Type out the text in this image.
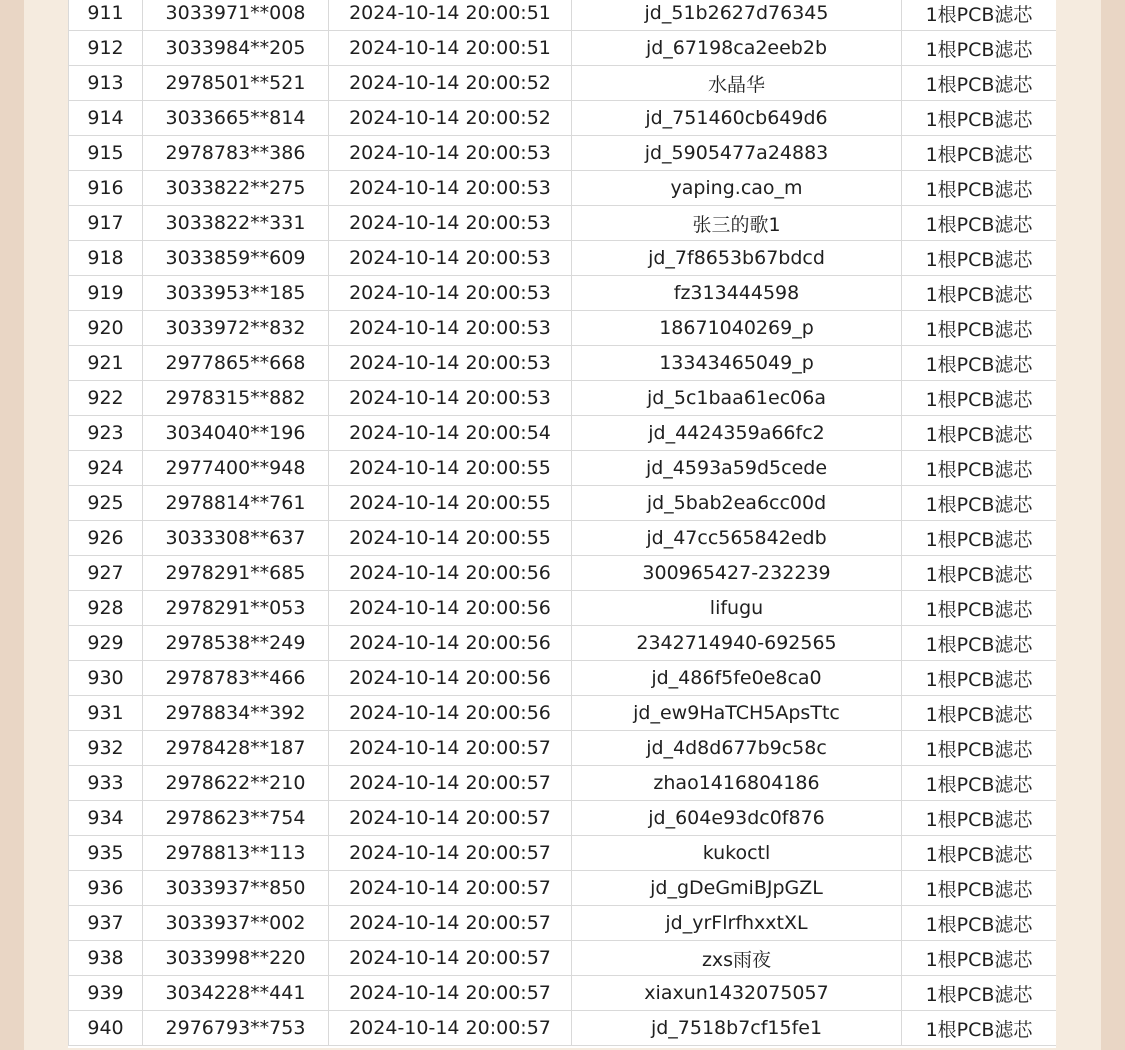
911	3033971**008	2024-10-14 20:00:51	jd_51b2627d76345	1根PCB滤芯
912	3033984**205	2024-10-14 20:00:51	jd_67198ca2eeb2b	1根PCB滤芯
913	2978501**521	2024-10-14 20:00:52	水晶华	1根PCB滤芯
914	3033665**814	2024-10-14 20:00:52	jd_751460cb649d6	1根PCB滤芯
915	2978783**386	2024-10-14 20:00:53	jd_5905477a24883	1根PCB滤芯
916	3033822**275	2024-10-14 20:00:53	yaping.cao_m	1根PCB滤芯
917	3033822**331	2024-10-14 20:00:53	张三的歌1	1根PCB滤芯
918	3033859**609	2024-10-14 20:00:53	jd_7f8653b67bdcd	1根PCB滤芯
919	3033953**185	2024-10-14 20:00:53	fz313444598	1根PCB滤芯
920	3033972**832	2024-10-14 20:00:53	18671040269_p	1根PCB滤芯
921	2977865**668	2024-10-14 20:00:53	13343465049_p	1根PCB滤芯
922	2978315**882	2024-10-14 20:00:53	jd_5c1baa61ec06a	1根PCB滤芯
923	3034040**196	2024-10-14 20:00:54	jd_4424359a66fc2	1根PCB滤芯
924	2977400**948	2024-10-14 20:00:55	jd_4593a59d5cede	1根PCB滤芯
925	2978814**761	2024-10-14 20:00:55	jd_5bab2ea6cc00d	1根PCB滤芯
926	3033308**637	2024-10-14 20:00:55	jd_47cc565842edb	1根PCB滤芯
927	2978291**685	2024-10-14 20:00:56	300965427-232239	1根PCB滤芯
928	2978291**053	2024-10-14 20:00:56	lifugu	1根PCB滤芯
929	2978538**249	2024-10-14 20:00:56	2342714940-692565	1根PCB滤芯
930	2978783**466	2024-10-14 20:00:56	jd_486f5fe0e8ca0	1根PCB滤芯
931	2978834**392	2024-10-14 20:00:56	jd_ew9HaTCH5ApsTtc	1根PCB滤芯
932	2978428**187	2024-10-14 20:00:57	jd_4d8d677b9c58c	1根PCB滤芯
933	2978622**210	2024-10-14 20:00:57	zhao1416804186	1根PCB滤芯
934	2978623**754	2024-10-14 20:00:57	jd_604e93dc0f876	1根PCB滤芯
935	2978813**113	2024-10-14 20:00:57	kukoctl	1根PCB滤芯
936	3033937**850	2024-10-14 20:00:57	jd_gDeGmiBJpGZL	1根PCB滤芯
937	3033937**002	2024-10-14 20:00:57	jd_yrFlrfhxxtXL	1根PCB滤芯
938	3033998**220	2024-10-14 20:00:57	zxs雨夜	1根PCB滤芯
939	3034228**441	2024-10-14 20:00:57	xiaxun1432075057	1根PCB滤芯
940	2976793**753	2024-10-14 20:00:57	jd_7518b7cf15fe1	1根PCB滤芯
